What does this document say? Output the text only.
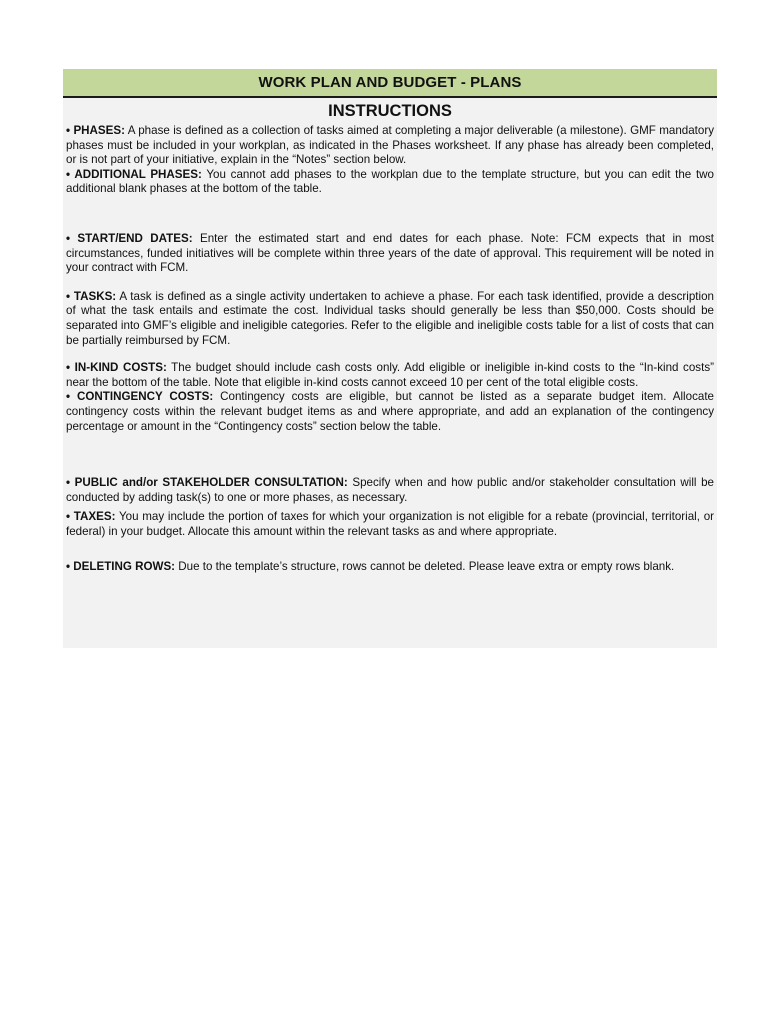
WORK PLAN AND BUDGET - PLANS
INSTRUCTIONS
• PHASES: A phase is defined as a collection of tasks aimed at completing a major deliverable (a milestone). GMF mandatory phases must be included in your workplan, as indicated in the Phases worksheet. If any phase has already been completed, or is not part of your initiative, explain in the “Notes” section below.
• ADDITIONAL PHASES: You cannot add phases to the workplan due to the template structure, but you can edit the two additional blank phases at the bottom of the table.
• START/END DATES: Enter the estimated start and end dates for each phase. Note: FCM expects that in most circumstances, funded initiatives will be complete within three years of the date of approval. This requirement will be noted in your contract with FCM.
• TASKS: A task is defined as a single activity undertaken to achieve a phase. For each task identified, provide a description of what the task entails and estimate the cost. Individual tasks should generally be less than $50,000. Costs should be separated into GMF’s eligible and ineligible categories. Refer to the eligible and ineligible costs table for a list of costs that can be partially reimbursed by FCM.
• IN-KIND COSTS: The budget should include cash costs only. Add eligible or ineligible in-kind costs to the “In-kind costs” near the bottom of the table. Note that eligible in-kind costs cannot exceed 10 per cent of the total eligible costs.
• CONTINGENCY COSTS: Contingency costs are eligible, but cannot be listed as a separate budget item. Allocate contingency costs within the relevant budget items as and where appropriate, and add an explanation of the contingency percentage or amount in the “Contingency costs” section below the table.
• PUBLIC and/or STAKEHOLDER CONSULTATION: Specify when and how public and/or stakeholder consultation will be conducted by adding task(s) to one or more phases, as necessary.
• TAXES: You may include the portion of taxes for which your organization is not eligible for a rebate (provincial, territorial, or federal) in your budget. Allocate this amount within the relevant tasks as and where appropriate.
• DELETING ROWS: Due to the template’s structure, rows cannot be deleted. Please leave extra or empty rows blank.
